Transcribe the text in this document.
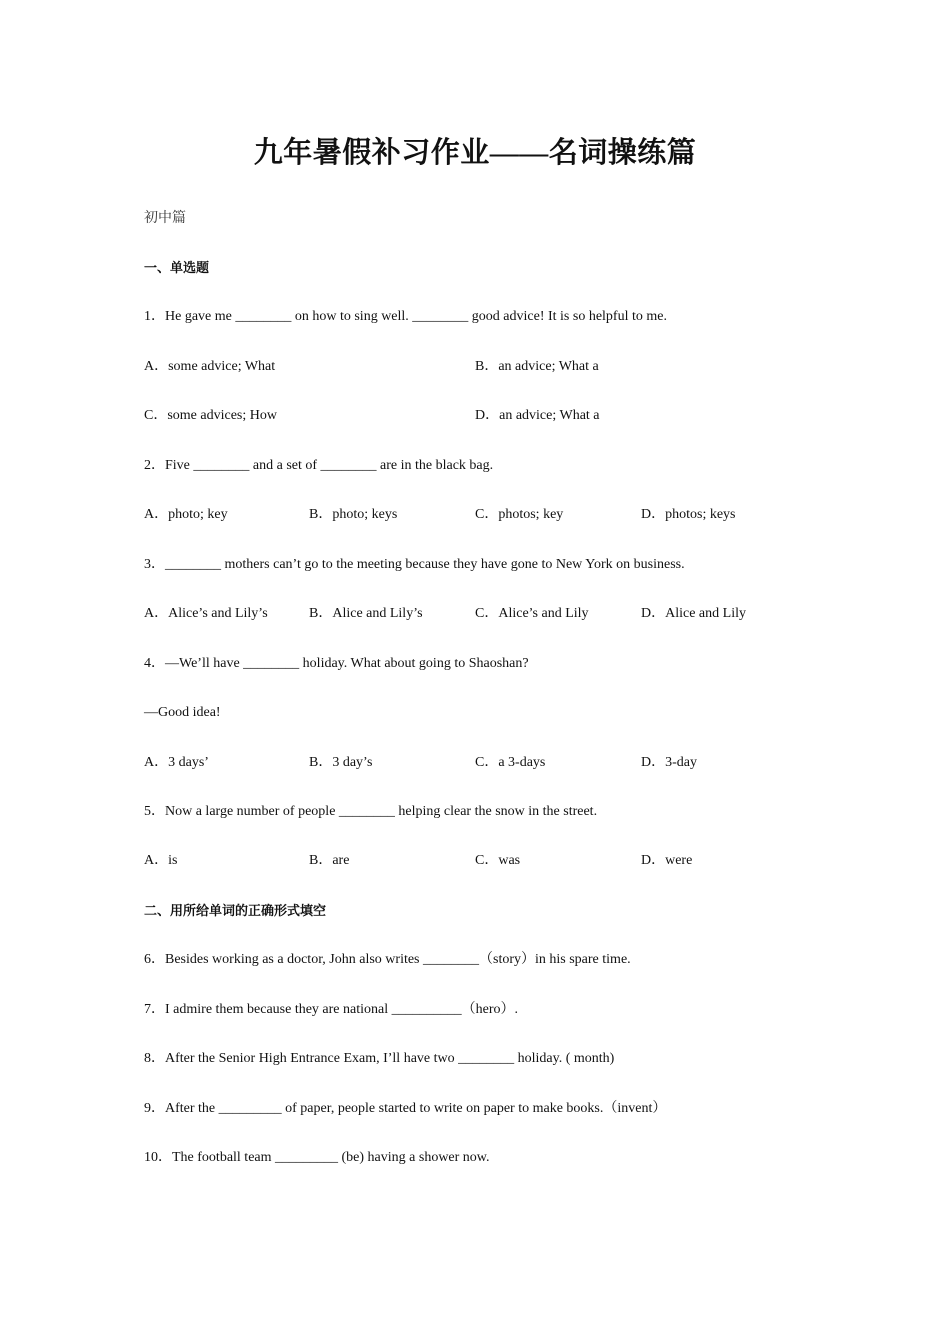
九年暑假补习作业——名词操练篇
初中篇
一、单选题
1．He gave me ________ on how to sing well. ________ good advice! It is so helpful to me.
A．some advice; What	B．an advice; What a
C．some advices; How	D．an advice; What a
2．Five ________ and a set of ________ are in the black bag.
A．photo; key	B．photo; keys	C．photos; key	D．photos; keys
3．________ mothers can’t go to the meeting because they have gone to New York on business.
A．Alice’s and Lily’s	B．Alice and Lily’s	C．Alice’s and Lily	D．Alice and Lily
4．—We’ll have ________ holiday. What about going to Shaoshan?
—Good idea!
A．3 days’	B．3 day’s	C．a 3-days	D．3-day
5．Now a large number of people ________ helping clear the snow in the street.
A．is	B．are	C．was	D．were
二、用所给单词的正确形式填空
6．Besides working as a doctor, John also writes ________（story）in his spare time.
7．I admire them because they are national __________（hero）.
8．After the Senior High Entrance Exam, I’ll have two ________ holiday. ( month)
9．After the _________ of paper, people started to write on paper to make books.（invent）
10．The football team _________ (be) having a shower now.
